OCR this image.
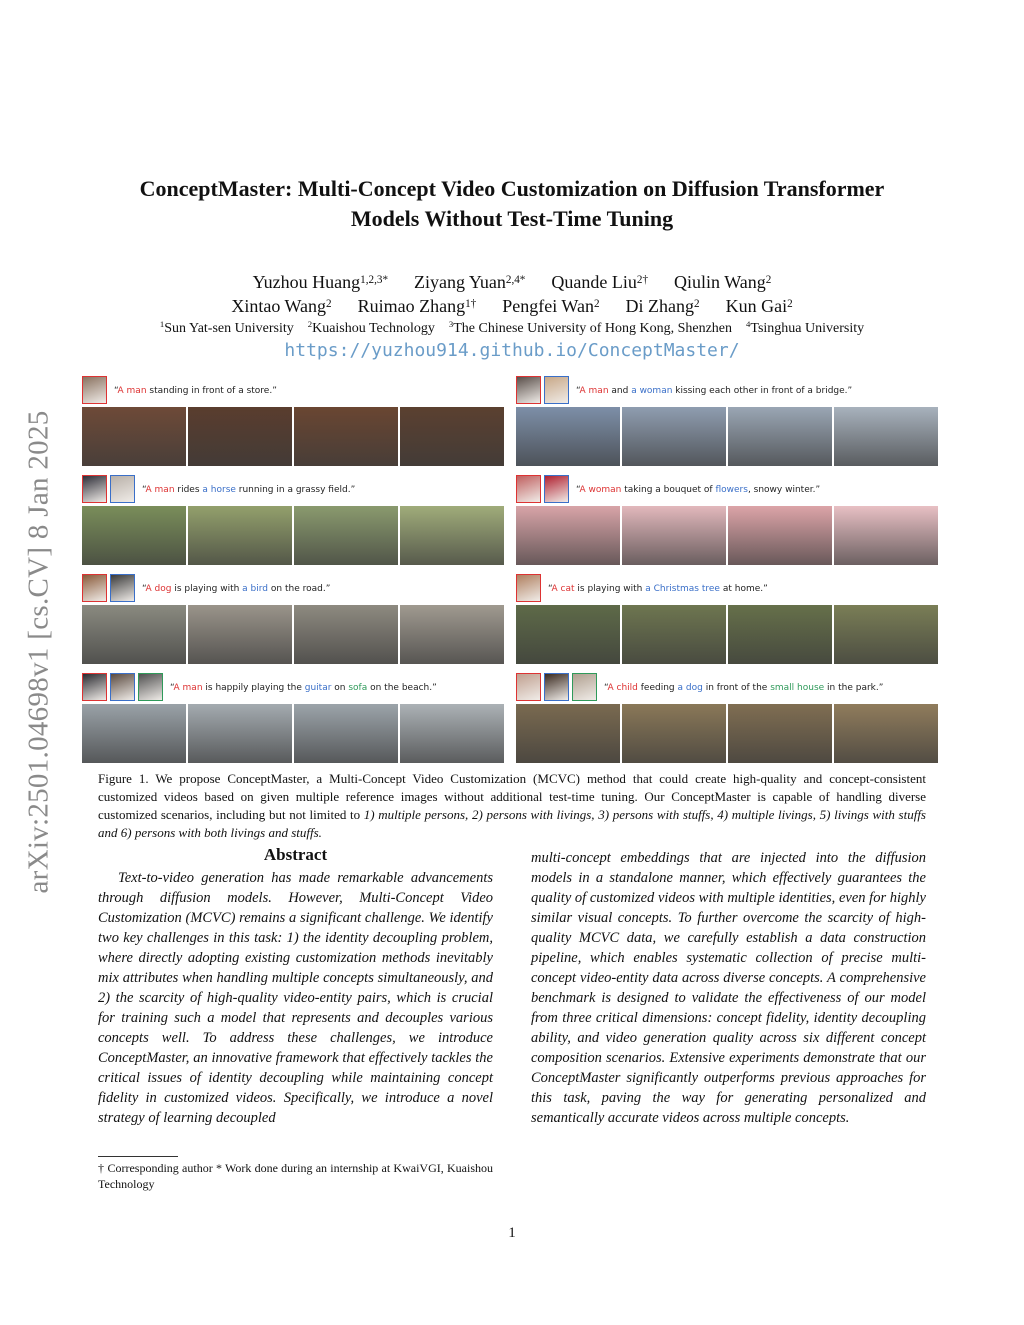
arXiv:2501.04698v1 [cs.CV] 8 Jan 2025
ConceptMaster: Multi-Concept Video Customization on Diffusion Transformer
Models Without Test-Time Tuning
Yuzhou Huang$^{1,2,3*}$ Ziyang Yuan$^{2,4*}$ Quande Liu$^{2\dagger}$ Qiulin Wang$^2$
Xintao Wang$^2$ Ruimao Zhang$^{1\dagger}$ Pengfei Wan$^2$ Di Zhang$^2$ Kun Gai$^2$
$^1$Sun Yat-sen University $^2$Kuaishou Technology $^3$The Chinese University of Hong Kong, Shenzhen $^4$Tsinghua University
https://yuzhou914.github.io/ConceptMaster/
“A man standing in front of a store.”	“A man and a woman kissing each other in front of a bridge.”
“A man rides a horse running in a grassy field.”	“A woman taking a bouquet of flowers, snowy winter.”
“A dog is playing with a bird on the road.”	“A cat is playing with a Christmas tree at home.”
“A man is happily playing the guitar on sofa on the beach.”	“A child feeding a dog in front of the small house in the park.”
Figure 1. We propose ConceptMaster, a Multi-Concept Video Customization (MCVC) method that could create high-quality and concept-consistent customized videos based on given multiple reference images without additional test-time tuning. Our ConceptMaster is capable of handling diverse customized scenarios, including but not limited to 1) multiple persons, 2) persons with livings, 3) persons with stuffs, 4) multiple livings, 5) livings with stuffs and 6) persons with both livings and stuffs.
Abstract
Text-to-video generation has made remarkable advancements through diffusion models. However, Multi-Concept Video Customization (MCVC) remains a significant challenge. We identify two key challenges in this task: 1) the identity decoupling problem, where directly adopting existing customization methods inevitably mix attributes when handling multiple concepts simultaneously, and 2) the scarcity of high-quality video-entity pairs, which is crucial for training such a model that represents and decouples various concepts well. To address these challenges, we introduce ConceptMaster, an innovative framework that effectively tackles the critical issues of identity decoupling while maintaining concept fidelity in customized videos. Specifically, we introduce a novel strategy of learning decoupled
multi-concept embeddings that are injected into the diffusion models in a standalone manner, which effectively guarantees the quality of customized videos with multiple identities, even for highly similar visual concepts. To further overcome the scarcity of high-quality MCVC data, we carefully establish a data construction pipeline, which enables systematic collection of precise multi-concept video-entity data across diverse concepts. A comprehensive benchmark is designed to validate the effectiveness of our model from three critical dimensions: concept fidelity, identity decoupling ability, and video generation quality across six different concept composition scenarios. Extensive experiments demonstrate that our ConceptMaster significantly outperforms previous approaches for this task, paving the way for generating personalized and semantically accurate videos across multiple concepts.
† Corresponding author * Work done during an internship at KwaiVGI, Kuaishou Technology
1
